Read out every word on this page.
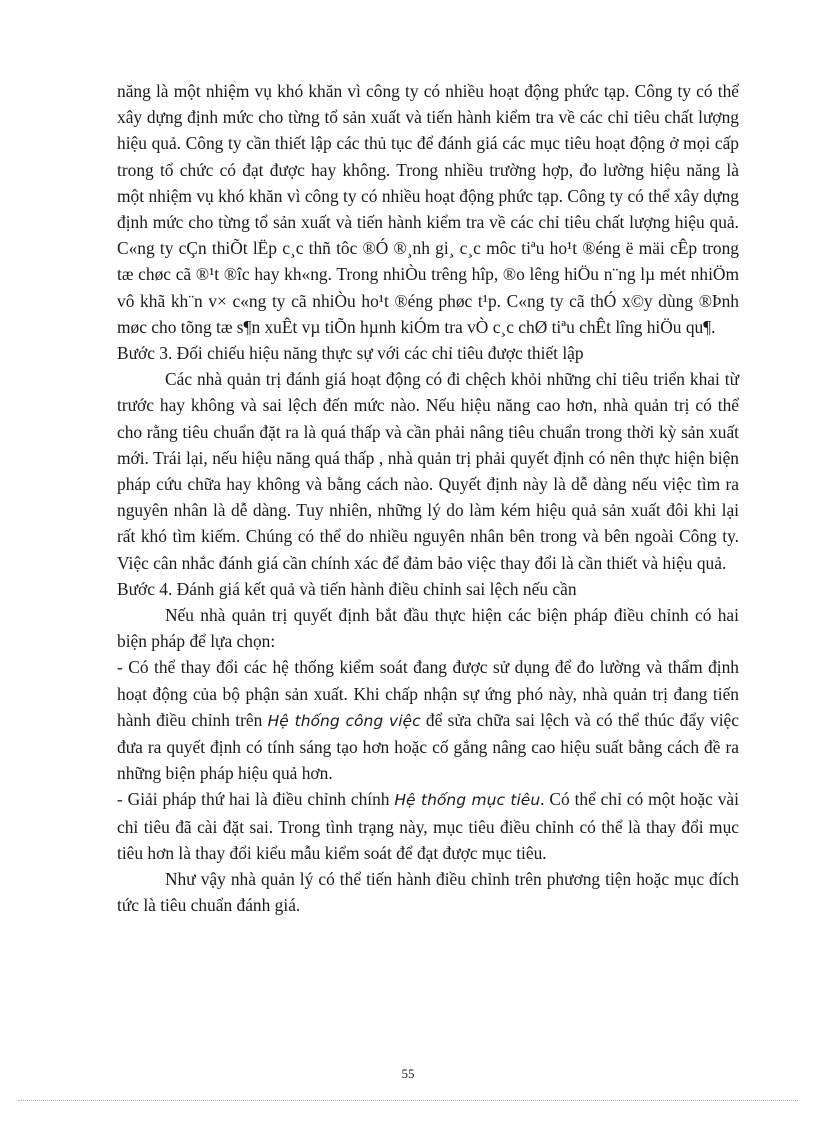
năng là một nhiệm vụ khó khăn vì công ty có nhiều hoạt động phức tạp. Công ty có thể xây dựng định mức cho từng tổ sản xuất và tiến hành kiểm tra về các chỉ tiêu chất lượng hiệu quả. Công ty cần thiết lập các thủ tục để đánh giá các mục tiêu hoạt động ở mọi cấp trong tổ chức có đạt được hay không. Trong nhiều trường hợp, đo lường hiệu năng là một nhiệm vụ khó khăn vì công ty có nhiều hoạt động phức tạp. Công ty có thể xây dựng định mức cho từng tổ sản xuất và tiến hành kiểm tra về các chỉ tiêu chất lượng hiệu quả. C«ng ty cÇn thiÕt lËp c¸c thñ tôc ®Ó ®¸nh gi¸ c¸c môc tiªu ho¹t ®éng ë mäi cÊp trong tæ chøc cã ®¹t ®îc hay kh«ng. Trong nhiÒu trêng hîp, ®o lêng hiÖu n¨ng lµ mét nhiÖm vô khã kh¨n v× c«ng ty cã nhiÒu ho¹t ®éng phøc t¹p. C«ng ty cã thÓ x©y dùng ®Þnh møc cho tõng tæ s¶n xuÊt vµ tiÕn hµnh kiÓm tra vÒ c¸c chØ tiªu chÊt lîng hiÖu qu¶.

Bước 3. Đối chiếu hiệu năng thực sự với các chỉ tiêu được thiết lập

Các nhà quản trị đánh giá hoạt động có đi chệch khỏi những chỉ tiêu triển khai từ trước hay không và sai lệch đến mức nào. Nếu hiệu năng cao hơn, nhà quản trị có thể cho rằng tiêu chuẩn đặt ra là quá thấp và cần phải nâng tiêu chuẩn trong thời kỳ sản xuất mới. Trái lại, nếu hiệu năng quá thấp , nhà quản trị phải quyết định có nên thực hiện biện pháp cứu chữa hay không và bằng cách nào. Quyết định này là dễ dàng nếu việc tìm ra nguyên nhân là dễ dàng. Tuy nhiên, những lý do làm kém hiệu quả sản xuất đôi khi lại rất khó tìm kiếm. Chúng có thể do nhiều nguyên nhân bên trong và bên ngoài Công ty. Việc cân nhắc đánh giá cần chính xác để đảm bảo việc thay đổi là cần thiết và hiệu quả.

Bước 4. Đánh giá kết quả và tiến hành điều chỉnh sai lệch nếu cần

Nếu nhà quản trị quyết định bắt đầu thực hiện các biện pháp điều chỉnh có hai biện pháp để lựa chọn:

- Có thể thay đổi các hệ thống kiểm soát đang được sử dụng để đo lường và thẩm định hoạt động của bộ phận sản xuất. Khi chấp nhận sự ứng phó này, nhà quản trị đang tiến hành điều chỉnh trên Hệ thống công việc để sửa chữa sai lệch và có thể thúc đẩy việc đưa ra quyết định có tính sáng tạo hơn hoặc cố gắng nâng cao hiệu suất bằng cách đề ra những biện pháp hiệu quả hơn.

- Giải pháp thứ hai là điều chỉnh chính Hệ thống mục tiêu. Có thể chỉ có một hoặc vài chỉ tiêu đã cài đặt sai. Trong tình trạng này, mục tiêu điều chỉnh có thể là thay đổi mục tiêu hơn là thay đổi kiểu mẫu kiểm soát để đạt được mục tiêu.

Như vậy nhà quản lý có thể tiến hành điều chỉnh trên phương tiện hoặc mục đích tức là tiêu chuẩn đánh giá.

55
